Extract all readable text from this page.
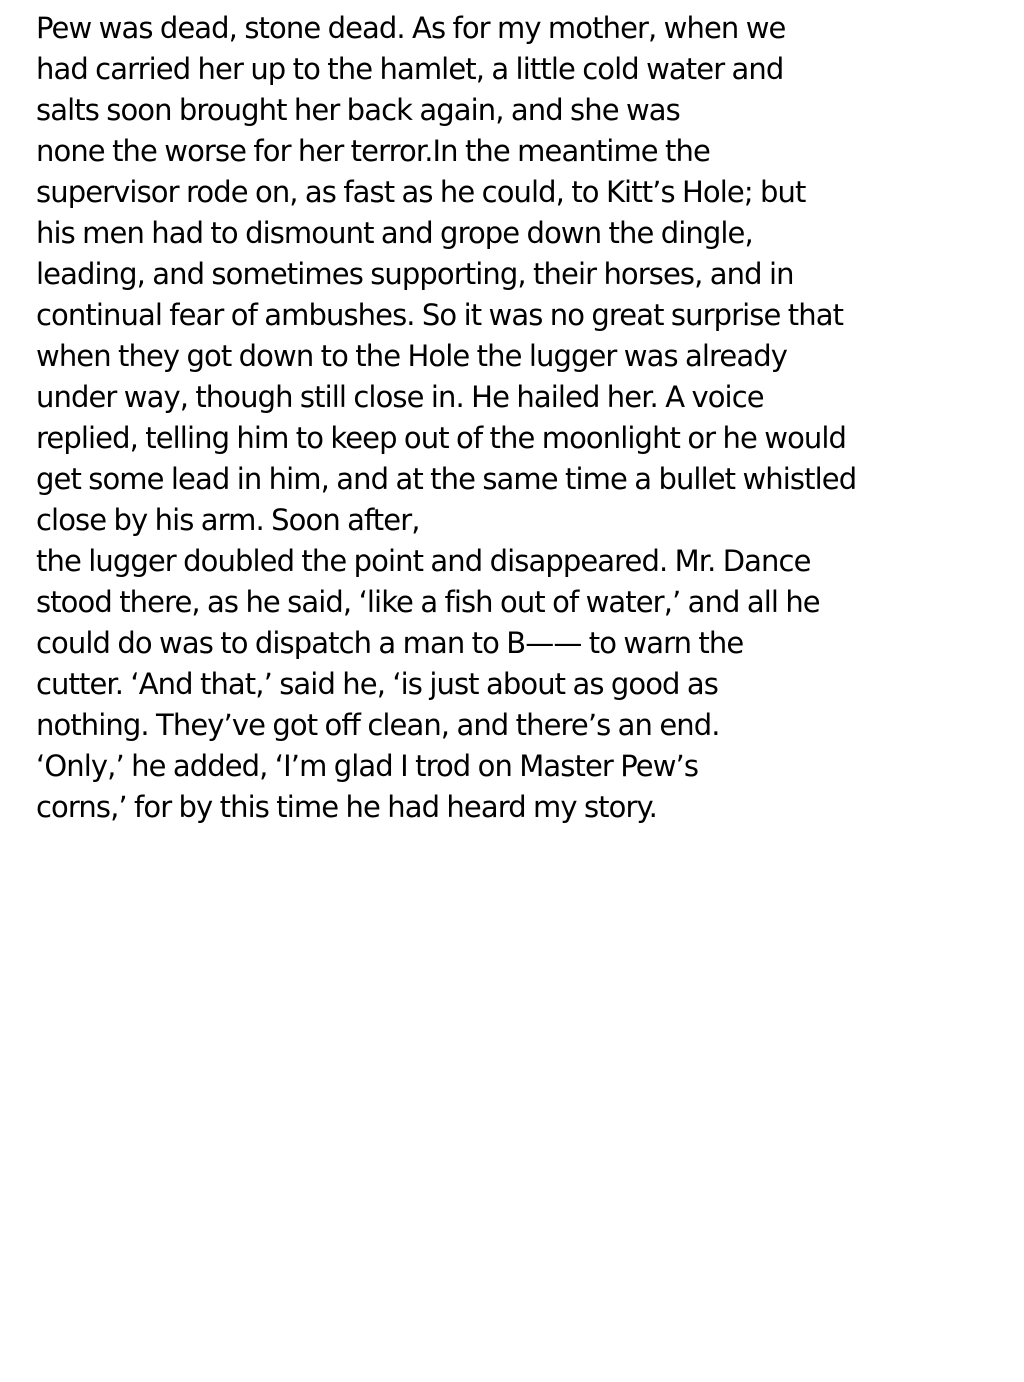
Pew was dead, stone dead. As for my mother, when we
had carried her up to the hamlet, a little cold water and
salts soon brought her back again, and she was
none the worse for her terror.In the meantime the
supervisor rode on, as fast as he could, to Kitt’s Hole; but
his men had to dismount and grope down the dingle,
leading, and sometimes supporting, their horses, and in
continual fear of ambushes. So it was no great surprise that
when they got down to the Hole the lugger was already
under way, though still close in. He hailed her. A voice
replied, telling him to keep out of the moonlight or he would
get some lead in him, and at the same time a bullet whistled
close by his arm. Soon after,
the lugger doubled the point and disappeared. Mr. Dance
stood there, as he said, ‘like a fish out of water,’ and all he
could do was to dispatch a man to B—— to warn the
cutter. ‘And that,’ said he, ‘is just about as good as
nothing. They’ve got off clean, and there’s an end.
‘Only,’ he added, ‘I’m glad I trod on Master Pew’s
corns,’ for by this time he had heard my story.
